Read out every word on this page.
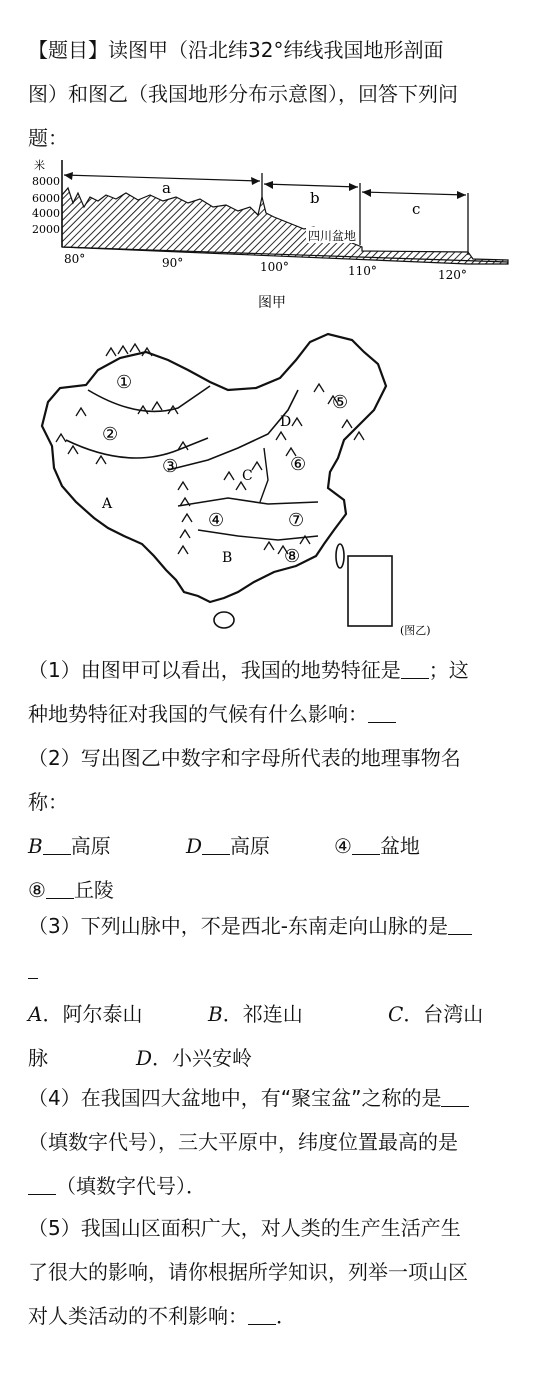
【题目】读图甲（沿北纬32°纬线我国地形剖面
图）和图乙（我国地形分布示意图），回答下列问
题：
米
8000
6000
4000
2000
a
b
c
四川盆地
80°	90°	100°	110°	120°
图甲
①
②
③
④
⑤
⑥
⑦
⑧
A
B
C
D
(图乙)
（1）由图甲可以看出，我国的地势特征是 ；这
种地势特征对我国的气候有什么影响：
（2）写出图乙中数字和字母所代表的地理事物名
称：
B 高原	D 高原	④ 盆地
⑧ 丘陵
（3）下列山脉中，不是西北-东南走向山脉的是
A．阿尔泰山	B．祁连山	C．台湾山
脉	D．小兴安岭
（4）在我国四大盆地中，有“聚宝盆”之称的是
（填数字代号），三大平原中，纬度位置最高的是
（填数字代号）．
（5）我国山区面积广大，对人类的生产生活产生
了很大的影响，请你根据所学知识，列举一项山区
对人类活动的不利影响： ．
